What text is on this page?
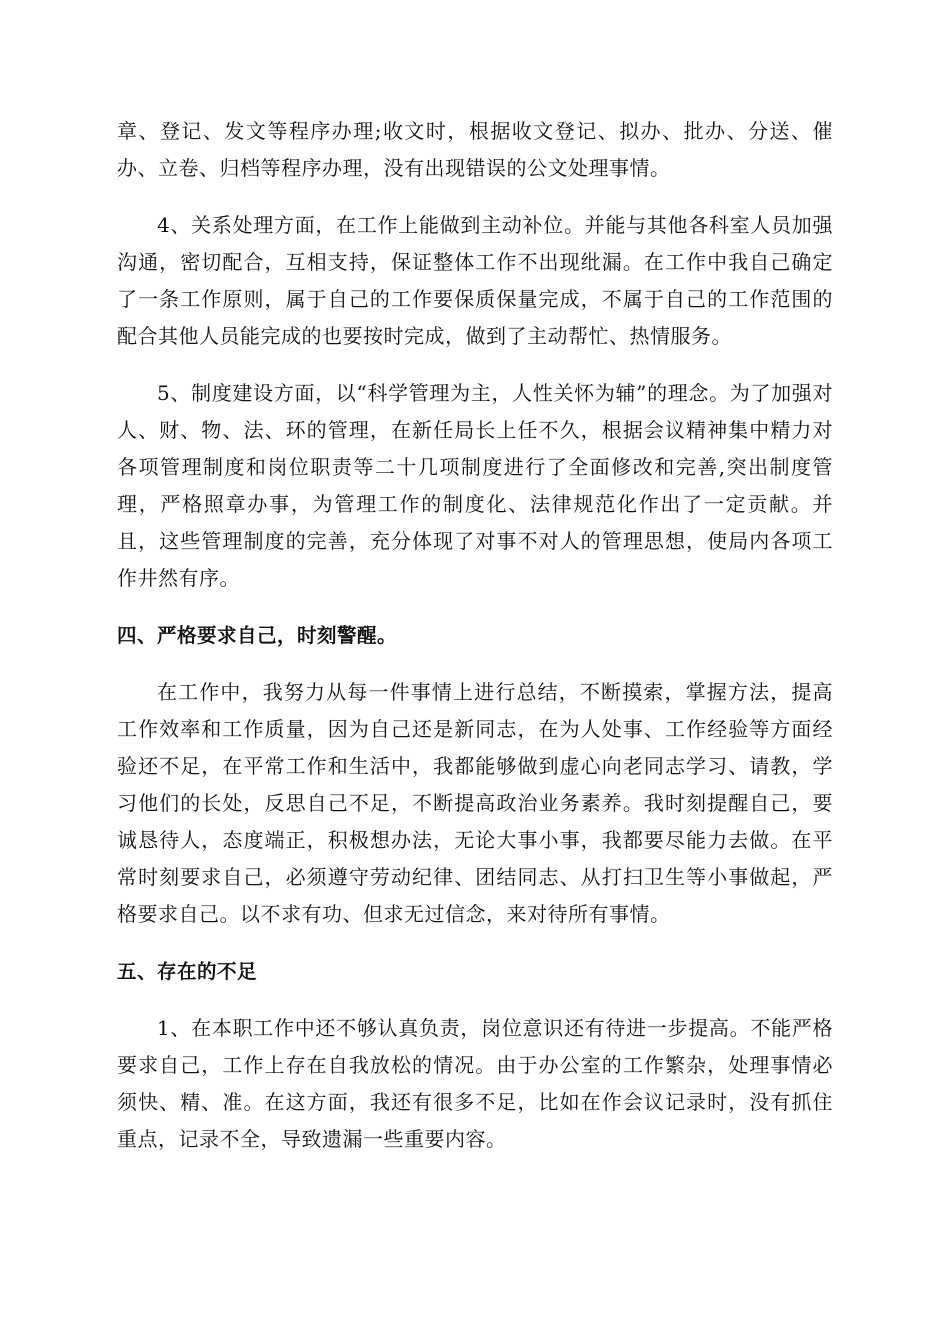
章、登记、发文等程序办理;收文时，根据收文登记、拟办、批办、分送、催办、立卷、归档等程序办理，没有出现错误的公文处理事情。

4、关系处理方面，在工作上能做到主动补位。并能与其他各科室人员加强沟通，密切配合，互相支持，保证整体工作不出现纰漏。在工作中我自己确定了一条工作原则，属于自己的工作要保质保量完成，不属于自己的工作范围的配合其他人员能完成的也要按时完成，做到了主动帮忙、热情服务。

5、制度建设方面，以“科学管理为主，人性关怀为辅”的理念。为了加强对人、财、物、法、环的管理，在新任局长上任不久，根据会议精神集中精力对各项管理制度和岗位职责等二十几项制度进行了全面修改和完善,突出制度管理，严格照章办事，为管理工作的制度化、法律规范化作出了一定贡献。并且，这些管理制度的完善，充分体现了对事不对人的管理思想，使局内各项工作井然有序。

四、严格要求自己，时刻警醒。

在工作中，我努力从每一件事情上进行总结，不断摸索，掌握方法，提高工作效率和工作质量，因为自己还是新同志，在为人处事、工作经验等方面经验还不足，在平常工作和生活中，我都能够做到虚心向老同志学习、请教，学习他们的长处，反思自己不足，不断提高政治业务素养。我时刻提醒自己，要诚恳待人，态度端正，积极想办法，无论大事小事，我都要尽能力去做。在平常时刻要求自己，必须遵守劳动纪律、团结同志、从打扫卫生等小事做起，严格要求自己。以不求有功、但求无过信念，来对待所有事情。

五、存在的不足

1、在本职工作中还不够认真负责，岗位意识还有待进一步提高。不能严格要求自己，工作上存在自我放松的情况。由于办公室的工作繁杂，处理事情必须快、精、准。在这方面，我还有很多不足，比如在作会议记录时，没有抓住重点，记录不全，导致遗漏一些重要内容。
